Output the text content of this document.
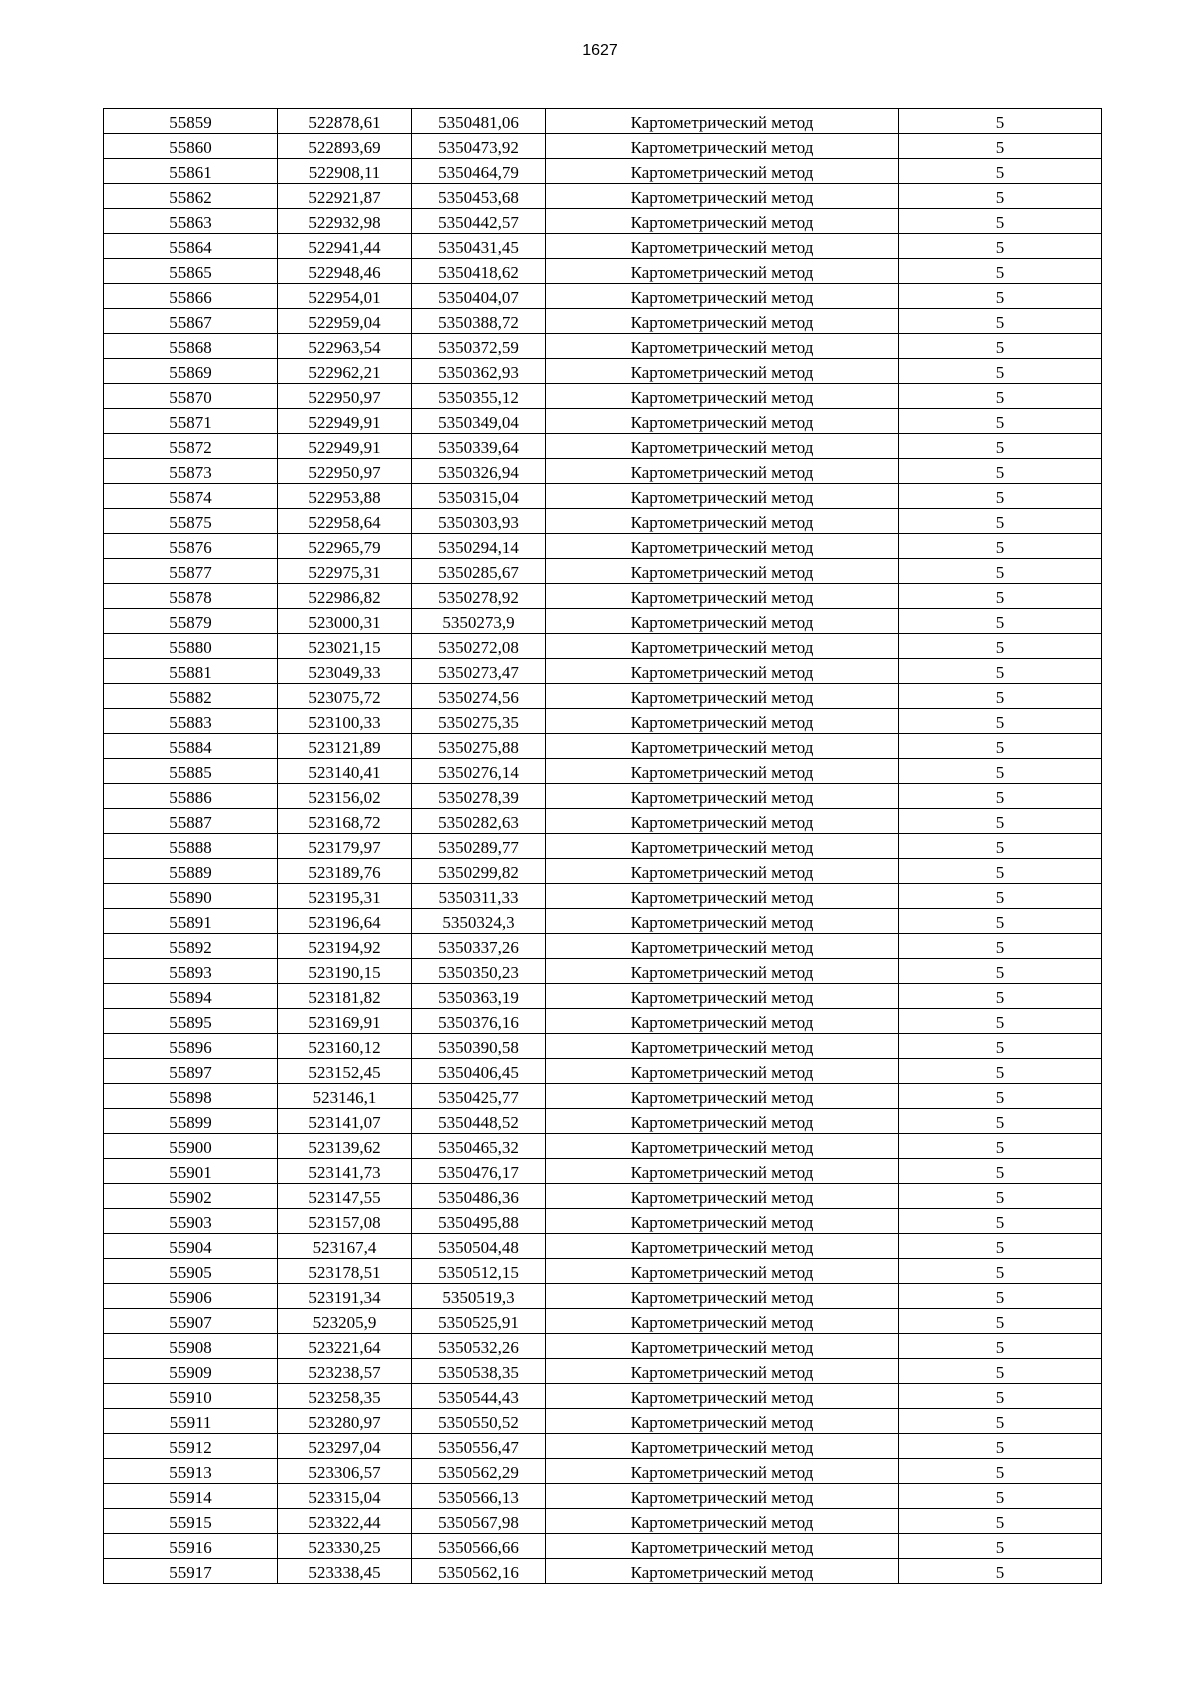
1627
55859	522878,61	5350481,06	Картометрический метод	5
55860	522893,69	5350473,92	Картометрический метод	5
55861	522908,11	5350464,79	Картометрический метод	5
55862	522921,87	5350453,68	Картометрический метод	5
55863	522932,98	5350442,57	Картометрический метод	5
55864	522941,44	5350431,45	Картометрический метод	5
55865	522948,46	5350418,62	Картометрический метод	5
55866	522954,01	5350404,07	Картометрический метод	5
55867	522959,04	5350388,72	Картометрический метод	5
55868	522963,54	5350372,59	Картометрический метод	5
55869	522962,21	5350362,93	Картометрический метод	5
55870	522950,97	5350355,12	Картометрический метод	5
55871	522949,91	5350349,04	Картометрический метод	5
55872	522949,91	5350339,64	Картометрический метод	5
55873	522950,97	5350326,94	Картометрический метод	5
55874	522953,88	5350315,04	Картометрический метод	5
55875	522958,64	5350303,93	Картометрический метод	5
55876	522965,79	5350294,14	Картометрический метод	5
55877	522975,31	5350285,67	Картометрический метод	5
55878	522986,82	5350278,92	Картометрический метод	5
55879	523000,31	5350273,9	Картометрический метод	5
55880	523021,15	5350272,08	Картометрический метод	5
55881	523049,33	5350273,47	Картометрический метод	5
55882	523075,72	5350274,56	Картометрический метод	5
55883	523100,33	5350275,35	Картометрический метод	5
55884	523121,89	5350275,88	Картометрический метод	5
55885	523140,41	5350276,14	Картометрический метод	5
55886	523156,02	5350278,39	Картометрический метод	5
55887	523168,72	5350282,63	Картометрический метод	5
55888	523179,97	5350289,77	Картометрический метод	5
55889	523189,76	5350299,82	Картометрический метод	5
55890	523195,31	5350311,33	Картометрический метод	5
55891	523196,64	5350324,3	Картометрический метод	5
55892	523194,92	5350337,26	Картометрический метод	5
55893	523190,15	5350350,23	Картометрический метод	5
55894	523181,82	5350363,19	Картометрический метод	5
55895	523169,91	5350376,16	Картометрический метод	5
55896	523160,12	5350390,58	Картометрический метод	5
55897	523152,45	5350406,45	Картометрический метод	5
55898	523146,1	5350425,77	Картометрический метод	5
55899	523141,07	5350448,52	Картометрический метод	5
55900	523139,62	5350465,32	Картометрический метод	5
55901	523141,73	5350476,17	Картометрический метод	5
55902	523147,55	5350486,36	Картометрический метод	5
55903	523157,08	5350495,88	Картометрический метод	5
55904	523167,4	5350504,48	Картометрический метод	5
55905	523178,51	5350512,15	Картометрический метод	5
55906	523191,34	5350519,3	Картометрический метод	5
55907	523205,9	5350525,91	Картометрический метод	5
55908	523221,64	5350532,26	Картометрический метод	5
55909	523238,57	5350538,35	Картометрический метод	5
55910	523258,35	5350544,43	Картометрический метод	5
55911	523280,97	5350550,52	Картометрический метод	5
55912	523297,04	5350556,47	Картометрический метод	5
55913	523306,57	5350562,29	Картометрический метод	5
55914	523315,04	5350566,13	Картометрический метод	5
55915	523322,44	5350567,98	Картометрический метод	5
55916	523330,25	5350566,66	Картометрический метод	5
55917	523338,45	5350562,16	Картометрический метод	5
